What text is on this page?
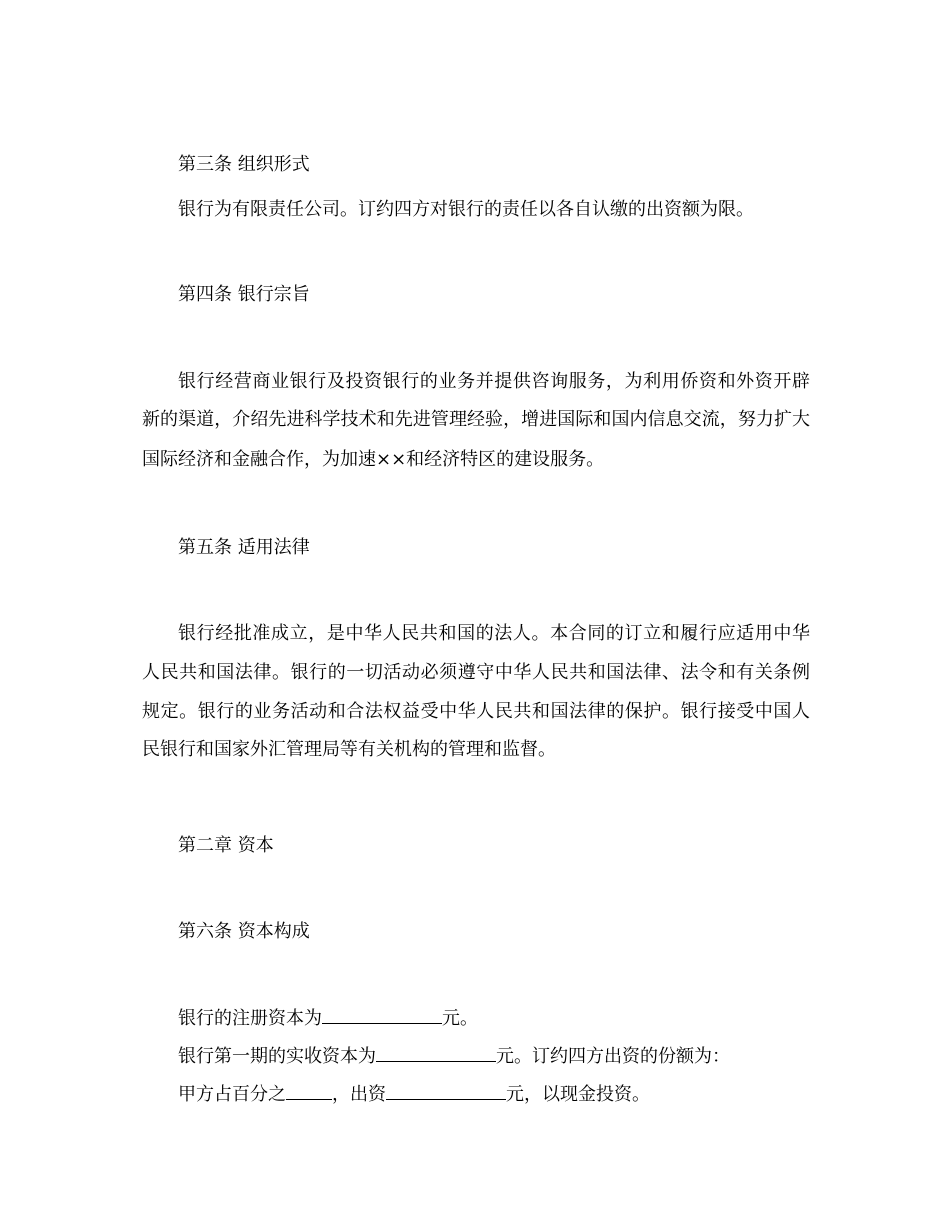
第三条 组织形式
银行为有限责任公司。订约四方对银行的责任以各自认缴的出资额为限。
第四条 银行宗旨
银行经营商业银行及投资银行的业务并提供咨询服务，为利用侨资和外资开辟
新的渠道，介绍先进科学技术和先进管理经验，增进国际和国内信息交流，努力扩大
国际经济和金融合作，为加速××和经济特区的建设服务。
第五条 适用法律
银行经批准成立，是中华人民共和国的法人。本合同的订立和履行应适用中华
人民共和国法律。银行的一切活动必须遵守中华人民共和国法律、法令和有关条例
规定。银行的业务活动和合法权益受中华人民共和国法律的保护。银行接受中国人
民银行和国家外汇管理局等有关机构的管理和监督。
第二章 资本
第六条 资本构成
银行的注册资本为	元。
银行第一期的实收资本为	元。订约四方出资的份额为：
甲方占百分之	，出资	元，以现金投资。
